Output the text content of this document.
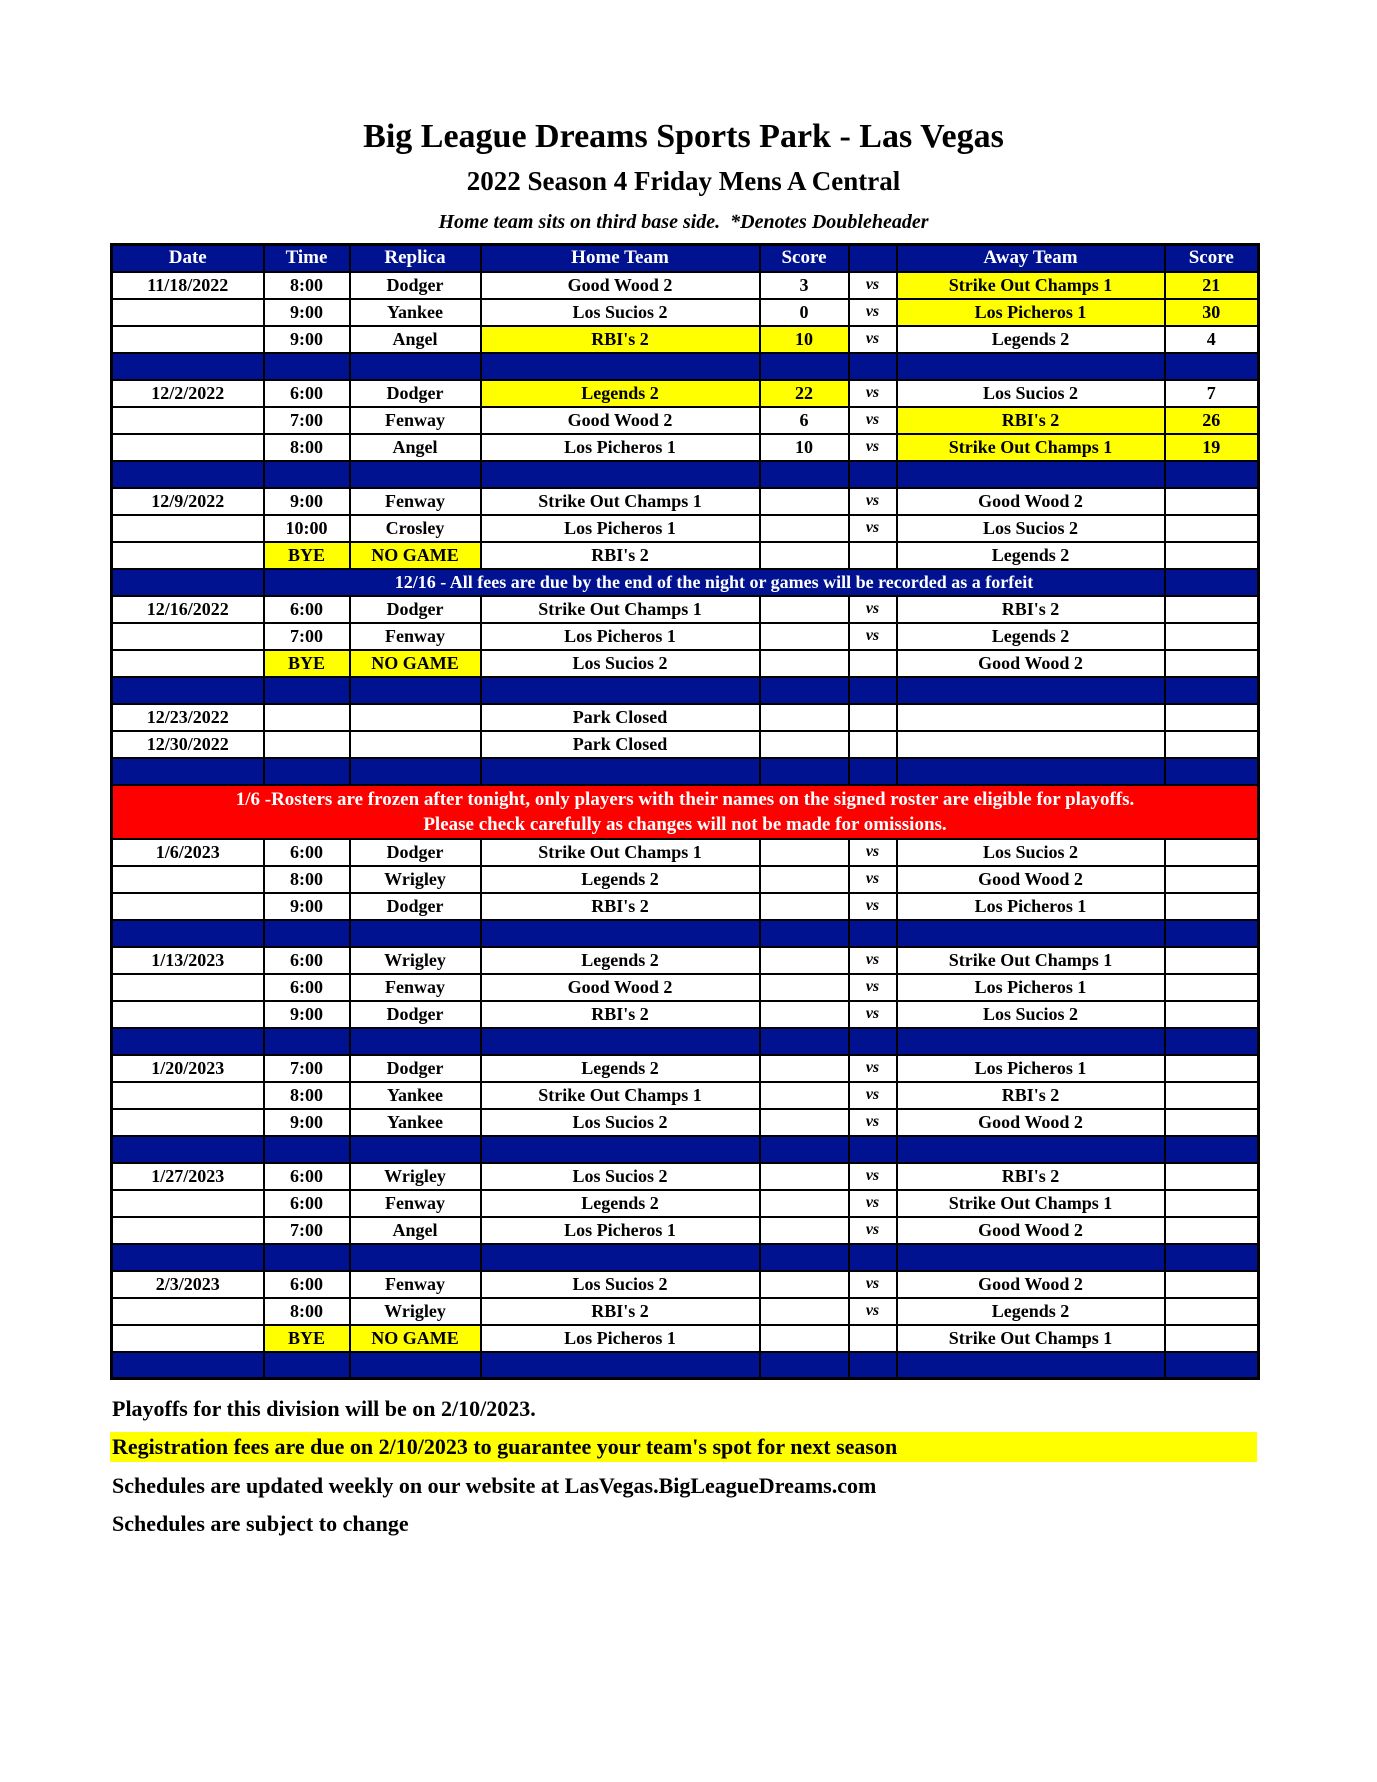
Big League Dreams Sports Park - Las Vegas
2022 Season 4 Friday Mens A Central
Home team sits on third base side.  *Denotes Doubleheader
Date	Time	Replica	Home Team	Score		Away Team	Score
11/18/2022	8:00	Dodger	Good Wood 2	3	vs	Strike Out Champs 1	21
	9:00	Yankee	Los Sucios 2	0	vs	Los Picheros 1	30
	9:00	Angel	RBI's 2	10	vs	Legends 2	4

12/2/2022	6:00	Dodger	Legends 2	22	vs	Los Sucios 2	7
	7:00	Fenway	Good Wood 2	6	vs	RBI's 2	26
	8:00	Angel	Los Picheros 1	10	vs	Strike Out Champs 1	19

12/9/2022	9:00	Fenway	Strike Out Champs 1		vs	Good Wood 2	
	10:00	Crosley	Los Picheros 1		vs	Los Sucios 2	
	BYE	NO GAME	RBI's 2			Legends 2	
	12/16 - All fees are due by the end of the night or games will be recorded as a forfeit						
12/16/2022	6:00	Dodger	Strike Out Champs 1		vs	RBI's 2	
	7:00	Fenway	Los Picheros 1		vs	Legends 2	
	BYE	NO GAME	Los Sucios 2			Good Wood 2	

12/23/2022			Park Closed				
12/30/2022			Park Closed				

1/6 -Rosters are frozen after tonight, only players with their names on the signed roster are eligible for playoffs.
Please check carefully as changes will not be made for omissions.							

1/6/2023	6:00	Dodger	Strike Out Champs 1		vs	Los Sucios 2	
	8:00	Wrigley	Legends 2		vs	Good Wood 2	
	9:00	Dodger	RBI's 2		vs	Los Picheros 1	

1/13/2023	6:00	Wrigley	Legends 2		vs	Strike Out Champs 1	
	6:00	Fenway	Good Wood 2		vs	Los Picheros 1	
	9:00	Dodger	RBI's 2		vs	Los Sucios 2	

1/20/2023	7:00	Dodger	Legends 2		vs	Los Picheros 1	
	8:00	Yankee	Strike Out Champs 1		vs	RBI's 2	
	9:00	Yankee	Los Sucios 2		vs	Good Wood 2	

1/27/2023	6:00	Wrigley	Los Sucios 2		vs	RBI's 2	
	6:00	Fenway	Legends 2		vs	Strike Out Champs 1	
	7:00	Angel	Los Picheros 1		vs	Good Wood 2	

2/3/2023	6:00	Fenway	Los Sucios 2		vs	Good Wood 2	
	8:00	Wrigley	RBI's 2		vs	Legends 2	
	BYE	NO GAME	Los Picheros 1			Strike Out Champs 1	

Playoffs for this division will be on 2/10/2023.
Registration fees are due on 2/10/2023 to guarantee your team's spot for next season
Schedules are updated weekly on our website at LasVegas.BigLeagueDreams.com
Schedules are subject to change
